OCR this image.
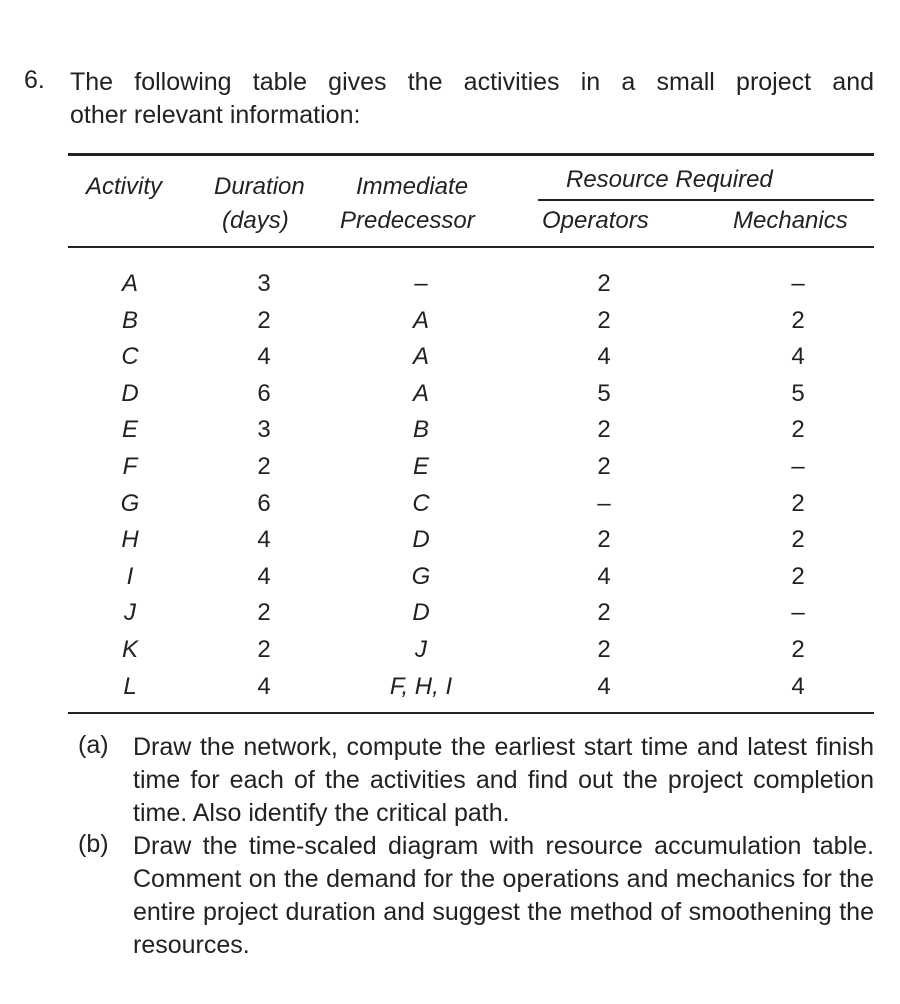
6. The following table gives the activities in a small project and
other relevant information:
Activity Duration
(days)
Immediate
Predecessor
Resource Required
Operators	Mechanics
A	3	–	2	–
B	2	A	2	2
C	4	A	4	4
D	6	A	5	5
E	3	B	2	2
F	2	E	2	–
G	6	C	–	2
H	4	D	2	2
I	4	G	4	2
J	2	D	2	–
K	2	J	2	2
L	4	F, H, I	4	4
(a) Draw the network, compute the earliest start time and latest finish time for each of the activities and find out the project completion time. Also identify the critical path.
(b) Draw the time-scaled diagram with resource accumulation table. Comment on the demand for the operations and mechanics for the entire project duration and suggest the method of smoothening the resources.
